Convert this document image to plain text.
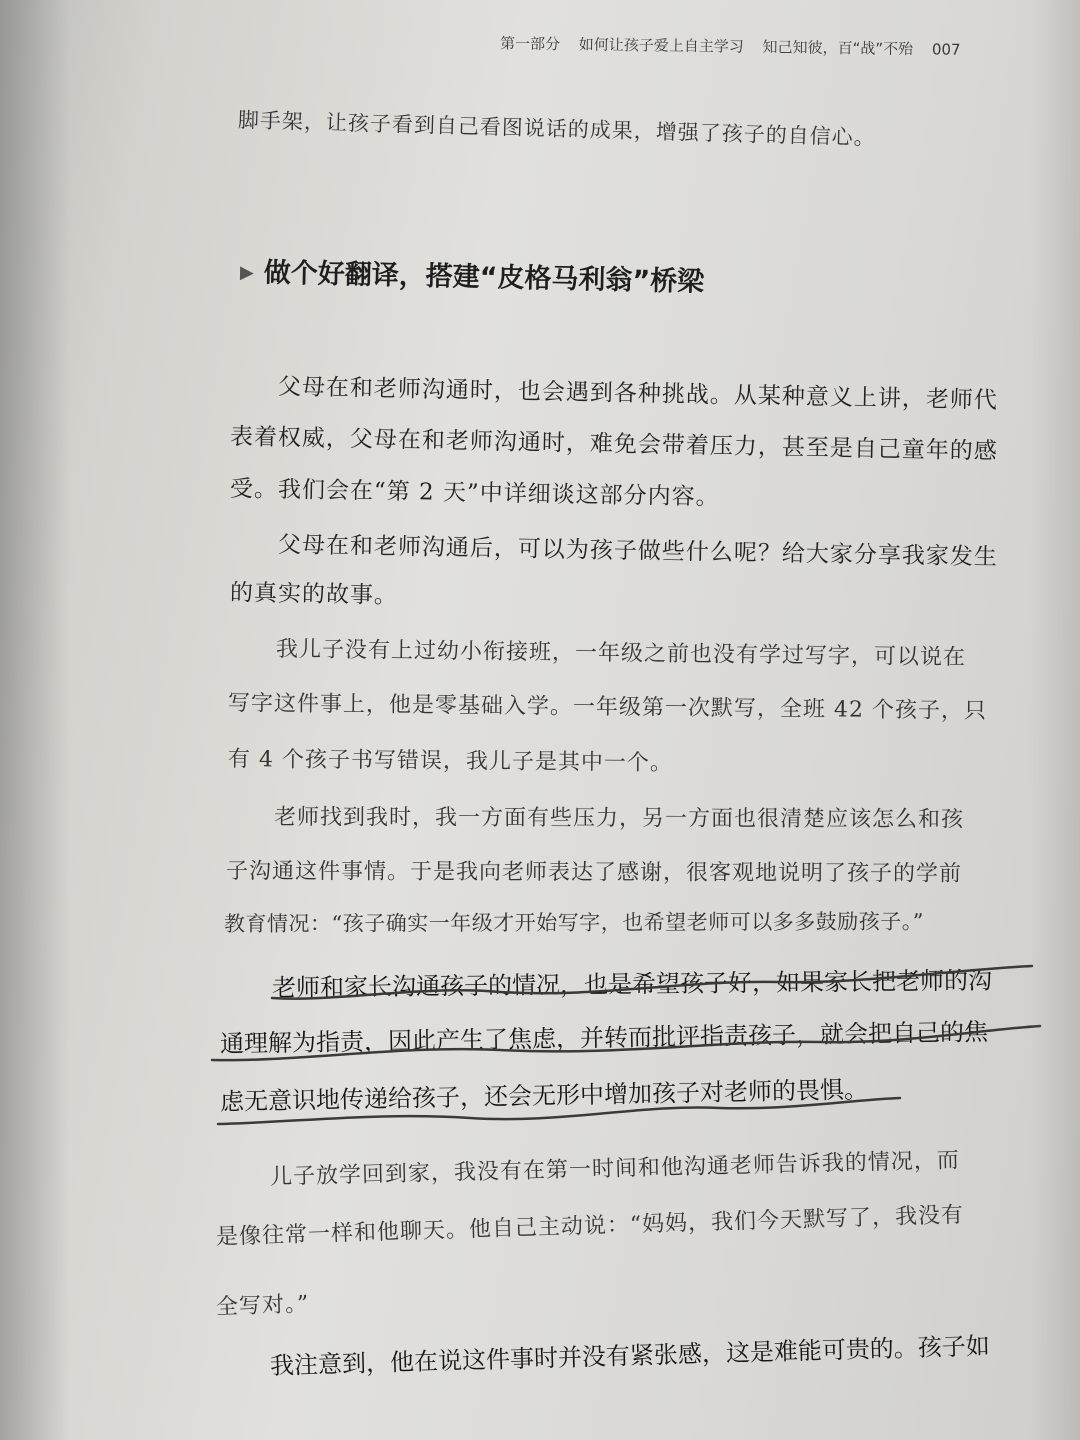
第一部分 如何让孩子爱上自主学习 知己知彼，百“战”不殆 007
脚手架，让孩子看到自己看图说话的成果，增强了孩子的自信心。
▶ 做个好翻译，搭建“皮格马利翁”桥梁
父母在和老师沟通时，也会遇到各种挑战。从某种意义上讲，老师代
表着权威，父母在和老师沟通时，难免会带着压力，甚至是自己童年的感
受。我们会在“第 2 天”中详细谈这部分内容。
父母在和老师沟通后，可以为孩子做些什么呢？给大家分享我家发生
的真实的故事。
我儿子没有上过幼小衔接班，一年级之前也没有学过写字，可以说在
写字这件事上，他是零基础入学。一年级第一次默写，全班 42 个孩子，只
有 4 个孩子书写错误，我儿子是其中一个。
老师找到我时，我一方面有些压力，另一方面也很清楚应该怎么和孩
子沟通这件事情。于是我向老师表达了感谢，很客观地说明了孩子的学前
教育情况：“孩子确实一年级才开始写字，也希望老师可以多多鼓励孩子。”
老师和家长沟通孩子的情况，也是希望孩子好，如果家长把老师的沟
通理解为指责，因此产生了焦虑，并转而批评指责孩子，就会把自己的焦
虑无意识地传递给孩子，还会无形中增加孩子对老师的畏惧。
儿子放学回到家，我没有在第一时间和他沟通老师告诉我的情况，而
是像往常一样和他聊天。他自己主动说：“妈妈，我们今天默写了，我没有
全写对。”
我注意到，他在说这件事时并没有紧张感，这是难能可贵的。孩子如
